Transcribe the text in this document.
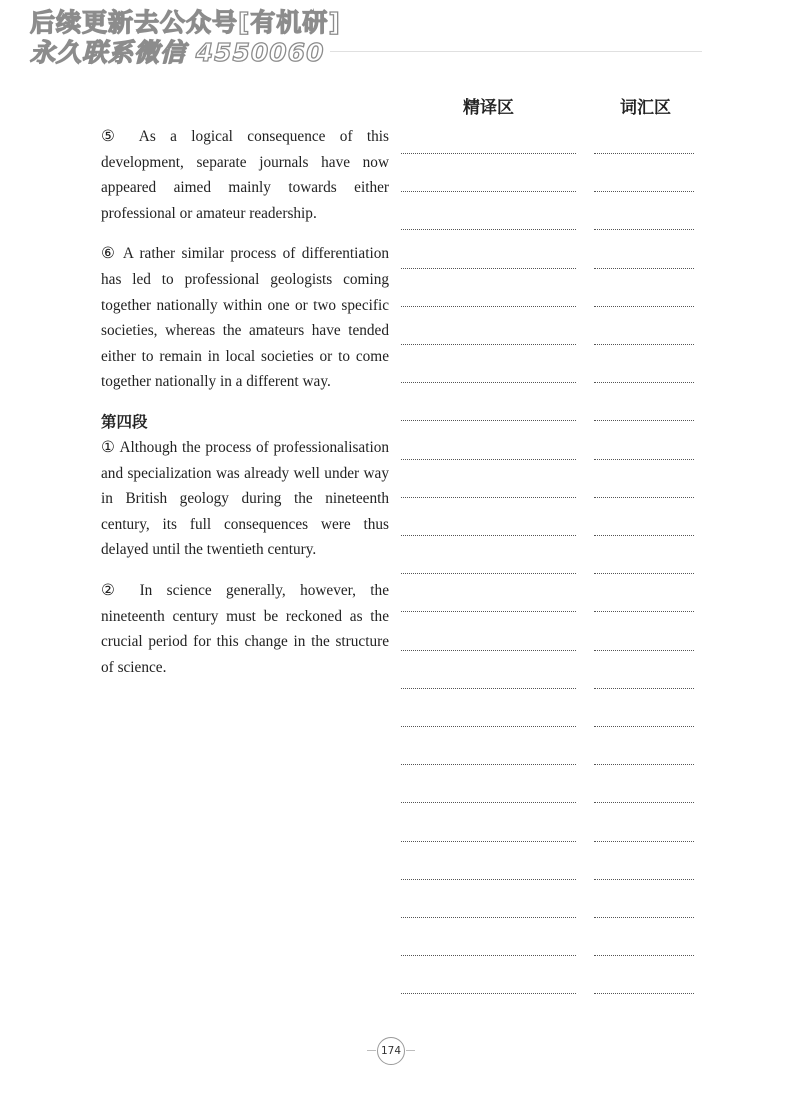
后续更新去公众号[有机研]
永久联系微信 4550060
精译区	词汇区

⑤ As a logical consequence of this development, separate journals have now appeared aimed mainly towards either professional or amateur readership.

⑥ A rather similar process of differentiation has led to professional geologists coming together nationally within one or two specific societies, whereas the amateurs have tended either to remain in local societies or to come together nationally in a different way.

第四段

① Although the process of professionalisation and specialization was already well under way in British geology during the nineteenth century, its full consequences were thus delayed until the twentieth century.

② In science generally, however, the nineteenth century must be reckoned as the crucial period for this change in the structure of science.

174
